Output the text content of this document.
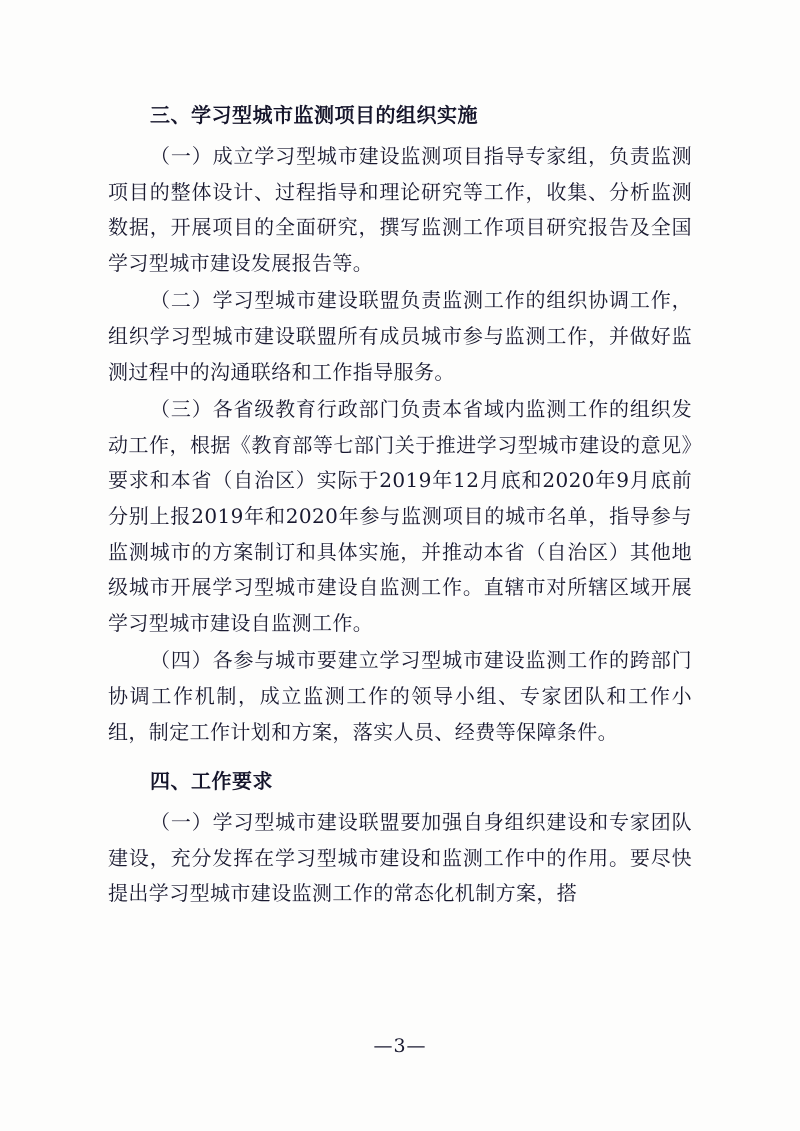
三、学习型城市监测项目的组织实施

（一）成立学习型城市建设监测项目指导专家组，负责监测项目的整体设计、过程指导和理论研究等工作，收集、分析监测数据，开展项目的全面研究，撰写监测工作项目研究报告及全国学习型城市建设发展报告等。

（二）学习型城市建设联盟负责监测工作的组织协调工作，组织学习型城市建设联盟所有成员城市参与监测工作，并做好监测过程中的沟通联络和工作指导服务。

（三）各省级教育行政部门负责本省域内监测工作的组织发动工作，根据《教育部等七部门关于推进学习型城市建设的意见》要求和本省（自治区）实际于2019年12月底和2020年9月底前分别上报2019年和2020年参与监测项目的城市名单，指导参与监测城市的方案制订和具体实施，并推动本省（自治区）其他地级城市开展学习型城市建设自监测工作。直辖市对所辖区域开展学习型城市建设自监测工作。

（四）各参与城市要建立学习型城市建设监测工作的跨部门协调工作机制，成立监测工作的领导小组、专家团队和工作小组，制定工作计划和方案，落实人员、经费等保障条件。

四、工作要求

（一）学习型城市建设联盟要加强自身组织建设和专家团队建设，充分发挥在学习型城市建设和监测工作中的作用。要尽快提出学习型城市建设监测工作的常态化机制方案，搭

—3—
